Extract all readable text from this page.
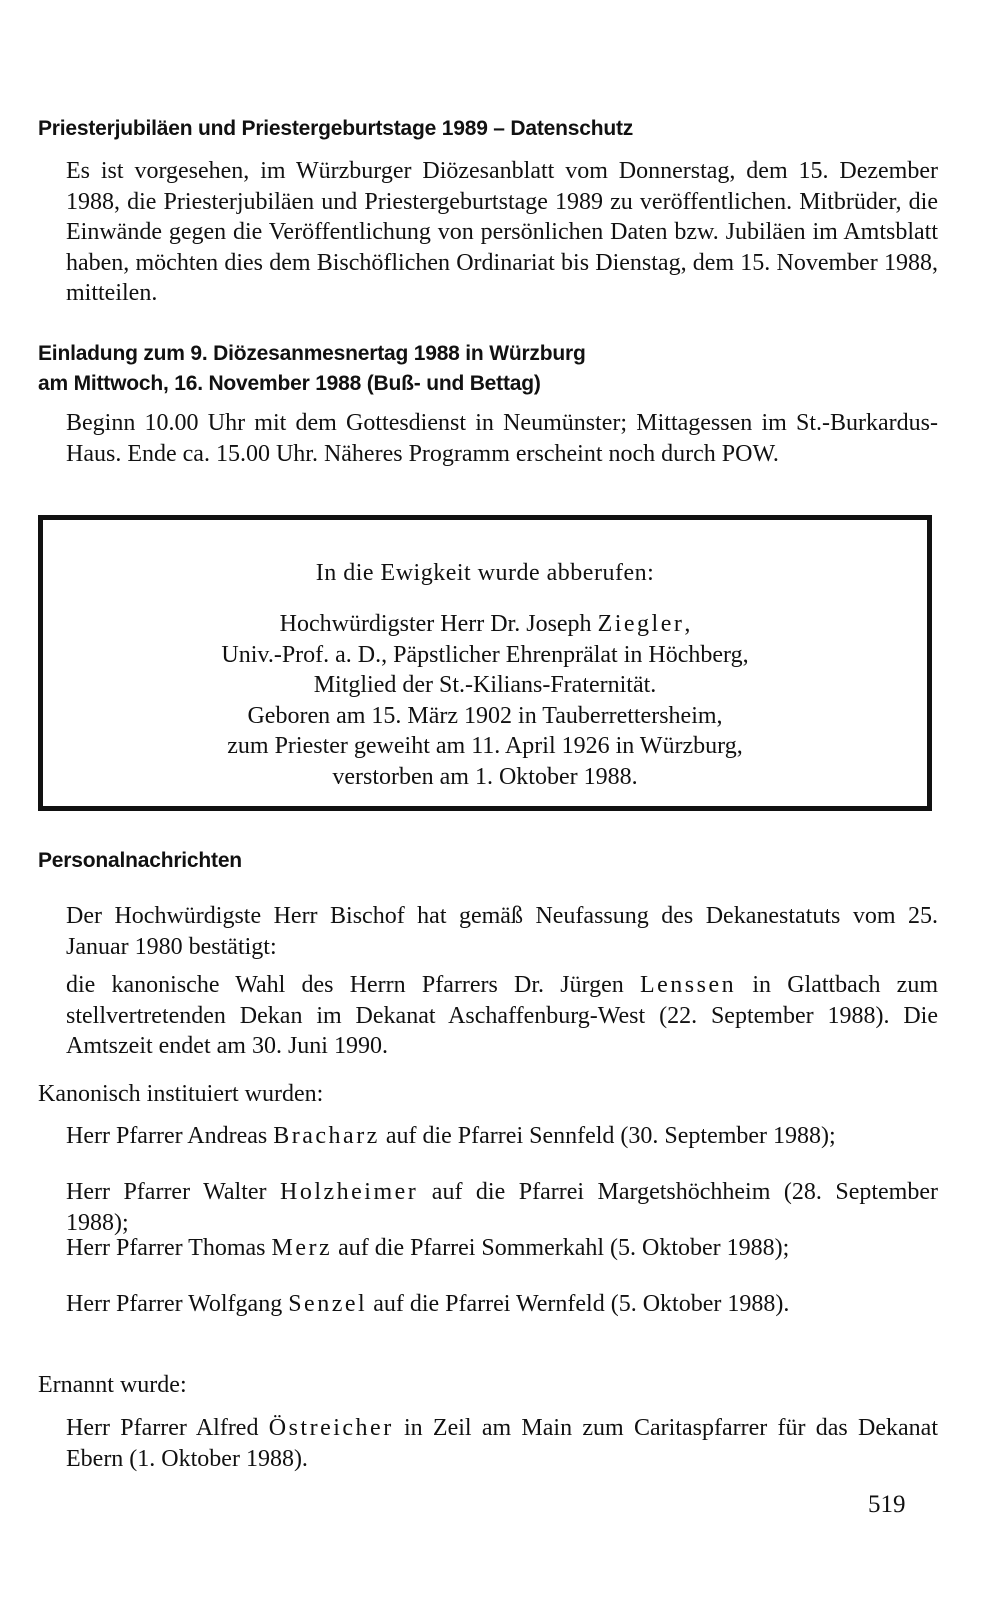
Priesterjubiläen und Priestergeburtstage 1989 – Datenschutz

Es ist vorgesehen, im Würzburger Diözesanblatt vom Donnerstag, dem 15. Dezember 1988, die Priesterjubiläen und Priestergeburtstage 1989 zu veröffentlichen. Mitbrüder, die Einwände gegen die Veröffentlichung von persönlichen Daten bzw. Jubiläen im Amtsblatt haben, möchten dies dem Bischöflichen Ordinariat bis Dienstag, dem 15. November 1988, mitteilen.

Einladung zum 9. Diözesanmesnertag 1988 in Würzburg
am Mittwoch, 16. November 1988 (Buß- und Bettag)

Beginn 10.00 Uhr mit dem Gottesdienst in Neumünster; Mittagessen im St.-Burkardus-Haus. Ende ca. 15.00 Uhr. Näheres Programm erscheint noch durch POW.

In die Ewigkeit wurde abberufen:

Hochwürdigster Herr Dr. Joseph Ziegler,
Univ.-Prof. a. D., Päpstlicher Ehrenprälat in Höchberg,
Mitglied der St.-Kilians-Fraternität.
Geboren am 15. März 1902 in Tauberrettersheim,
zum Priester geweiht am 11. April 1926 in Würzburg,
verstorben am 1. Oktober 1988.
Personalnachrichten

Der Hochwürdigste Herr Bischof hat gemäß Neufassung des Dekanestatuts vom 25. Januar 1980 bestätigt:

die kanonische Wahl des Herrn Pfarrers Dr. Jürgen Lenssen in Glattbach zum stellvertretenden Dekan im Dekanat Aschaffenburg-West (22. September 1988). Die Amtszeit endet am 30. Juni 1990.

Kanonisch instituiert wurden:

Herr Pfarrer Andreas Bracharz auf die Pfarrei Sennfeld (30. September 1988);

Herr Pfarrer Walter Holzheimer auf die Pfarrei Margetshöchheim (28. September 1988);

Herr Pfarrer Thomas Merz auf die Pfarrei Sommerkahl (5. Oktober 1988);

Herr Pfarrer Wolfgang Senzel auf die Pfarrei Wernfeld (5. Oktober 1988).

Ernannt wurde:

Herr Pfarrer Alfred Östreicher in Zeil am Main zum Caritaspfarrer für das Dekanat Ebern (1. Oktober 1988).

519
